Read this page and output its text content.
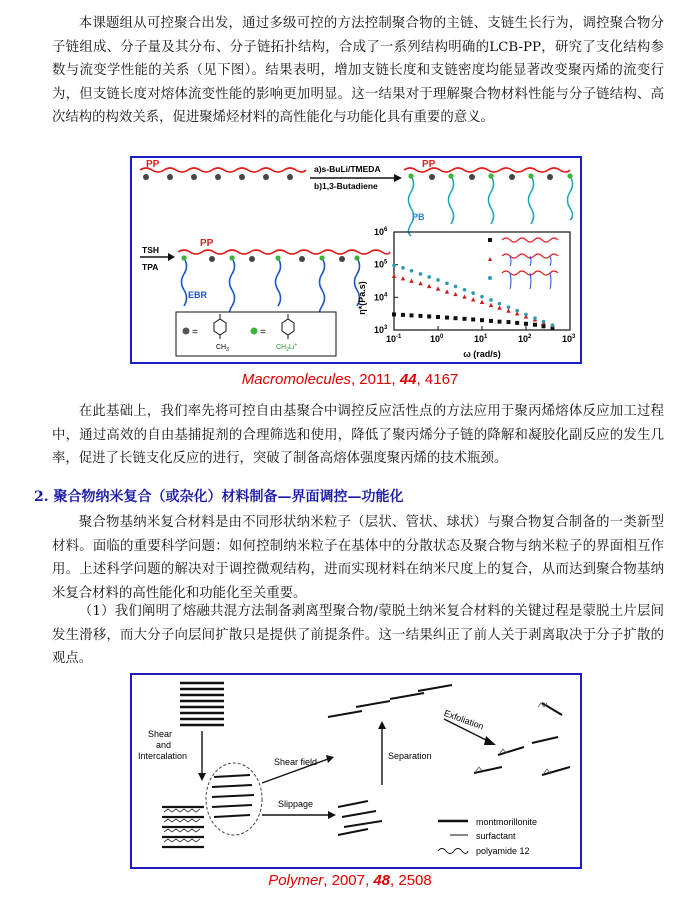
本课题组从可控聚合出发，通过多级可控的方法控制聚合物的主链、支链生长行为，调控聚合物分子链组成、分子量及其分布、分子链拓扑结构，合成了一系列结构明确的LCB-PP，研究了支化结构参数与流变学性能的关系（见下图）。结果表明，增加支链长度和支链密度均能显著改变聚丙烯的流变行为，但支链长度对熔体流变性能的影响更加明显。这一结果对于理解聚合物材料性能与分子链结构、高次结构的构效关系，促进聚烯烃材料的高性能化与功能化具有重要的意义。
PP	a)s-BuLi/TMEDA
b)1,3-Butadiene
PP
PB
TSH
TPA
PP
EBR
=
$CH_3$
=
$CH_2Li^+$
η*(Pa.s)
$10^3$
$10^4$
$10^5$
$10^6$
$10^{-1}$	$10^0$	$10^1$	$10^2$	$10^3$
ω (rad/s)
Macromolecules, 2011, 44, 4167
在此基础上，我们率先将可控自由基聚合中调控反应活性点的方法应用于聚丙烯熔体反应加工过程中，通过高效的自由基捕捉剂的合理筛选和使用，降低了聚丙烯分子链的降解和凝胶化副反应的发生几率，促进了长链支化反应的进行，突破了制备高熔体强度聚丙烯的技术瓶颈。
2. 聚合物纳米复合（或杂化）材料制备—界面调控—功能化
聚合物基纳米复合材料是由不同形状纳米粒子（层状、管状、球状）与聚合物复合制备的一类新型材料。面临的重要科学问题：如何控制纳米粒子在基体中的分散状态及聚合物与纳米粒子的界面相互作用。上述科学问题的解决对于调控微观结构，进而实现材料在纳米尺度上的复合，从而达到聚合物基纳米复合材料的高性能化和功能化至关重要。
（1）我们阐明了熔融共混方法制备剥离型聚合物/蒙脱土纳米复合材料的关键过程是蒙脱土片层间发生滑移，而大分子向层间扩散只是提供了前提条件。这一结果纠正了前人关于剥离取决于分子扩散的观点。
Shear
and
Intercalation
Shear field
Slippage
Separation
Exfoliation
montmorillonite
surfactant
polyamide 12
Polymer, 2007, 48, 2508
